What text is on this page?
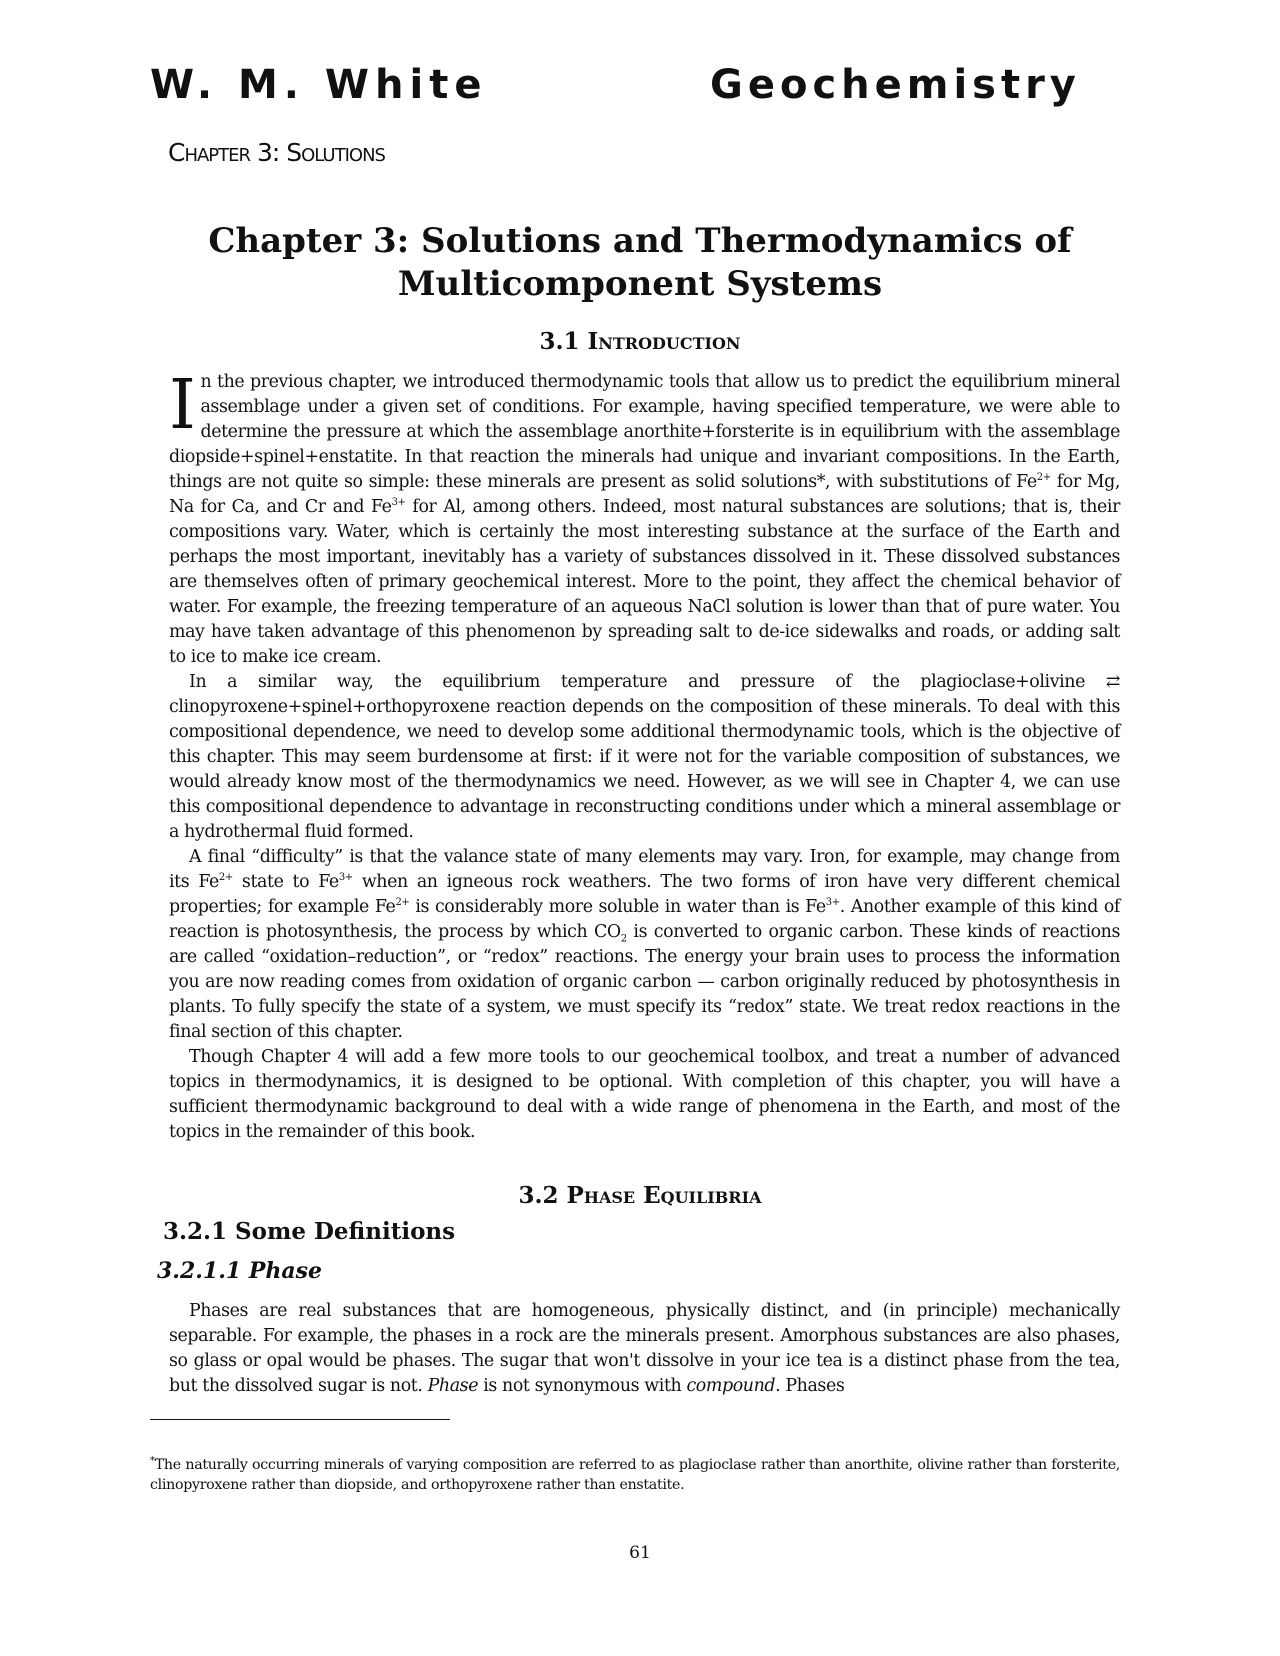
W. M. White	Geochemistry
Chapter 3: Solutions
Chapter 3: Solutions and Thermodynamics of Multicomponent Systems
3.1 Introduction

In the previous chapter, we introduced thermodynamic tools that allow us to predict the equilibrium mineral assemblage under a given set of conditions. For example, having specified temperature, we were able to determine the pressure at which the assemblage anorthite+forsterite is in equilibrium with the assemblage diopside+spinel+enstatite. In that reaction the minerals had unique and invariant compositions. In the Earth, things are not quite so simple: these minerals are present as solid solutions*, with substitutions of $Fe^{2+}$ for Mg, Na for Ca, and Cr and $Fe^{3+}$ for Al, among others. Indeed, most natural substances are solutions; that is, their compositions vary. Water, which is certainly the most interesting substance at the surface of the Earth and perhaps the most important, inevitably has a variety of substances dissolved in it. These dissolved substances are themselves often of primary geochemical interest. More to the point, they affect the chemical behavior of water. For example, the freezing temperature of an aqueous NaCl solution is lower than that of pure water. You may have taken advantage of this phenomenon by spreading salt to de-ice sidewalks and roads, or adding salt to ice to make ice cream.

In a similar way, the equilibrium temperature and pressure of the plagioclase+olivine ⇄ clinopyroxene+spinel+orthopyroxene reaction depends on the composition of these minerals. To deal with this compositional dependence, we need to develop some additional thermodynamic tools, which is the objective of this chapter. This may seem burdensome at first: if it were not for the variable composition of substances, we would already know most of the thermodynamics we need. However, as we will see in Chapter 4, we can use this compositional dependence to advantage in reconstructing conditions under which a mineral assemblage or a hydrothermal fluid formed.

A final “difficulty” is that the valance state of many elements may vary. Iron, for example, may change from its $Fe^{2+}$ state to $Fe^{3+}$ when an igneous rock weathers. The two forms of iron have very different chemical properties; for example $Fe^{2+}$ is considerably more soluble in water than is $Fe^{3+}$. Another example of this kind of reaction is photosynthesis, the process by which $CO_2$ is converted to organic carbon. These kinds of reactions are called “oxidation–reduction”, or “redox” reactions. The energy your brain uses to process the information you are now reading comes from oxidation of organic carbon — carbon originally reduced by photosynthesis in plants. To fully specify the state of a system, we must specify its “redox” state. We treat redox reactions in the final section of this chapter.

Though Chapter 4 will add a few more tools to our geochemical toolbox, and treat a number of advanced topics in thermodynamics, it is designed to be optional. With completion of this chapter, you will have a sufficient thermodynamic background to deal with a wide range of phenomena in the Earth, and most of the topics in the remainder of this book.

3.2 Phase Equilibria
3.2.1 Some Definitions
3.2.1.1 Phase

Phases are real substances that are homogeneous, physically distinct, and (in principle) mechanically separable. For example, the phases in a rock are the minerals present. Amorphous substances are also phases, so glass or opal would be phases. The sugar that won't dissolve in your ice tea is a distinct phase from the tea, but the dissolved sugar is not. Phase is not synonymous with compound. Phases

*The naturally occurring minerals of varying composition are referred to as plagioclase rather than anorthite, olivine rather than forsterite, clinopyroxene rather than diopside, and orthopyroxene rather than enstatite.
61
